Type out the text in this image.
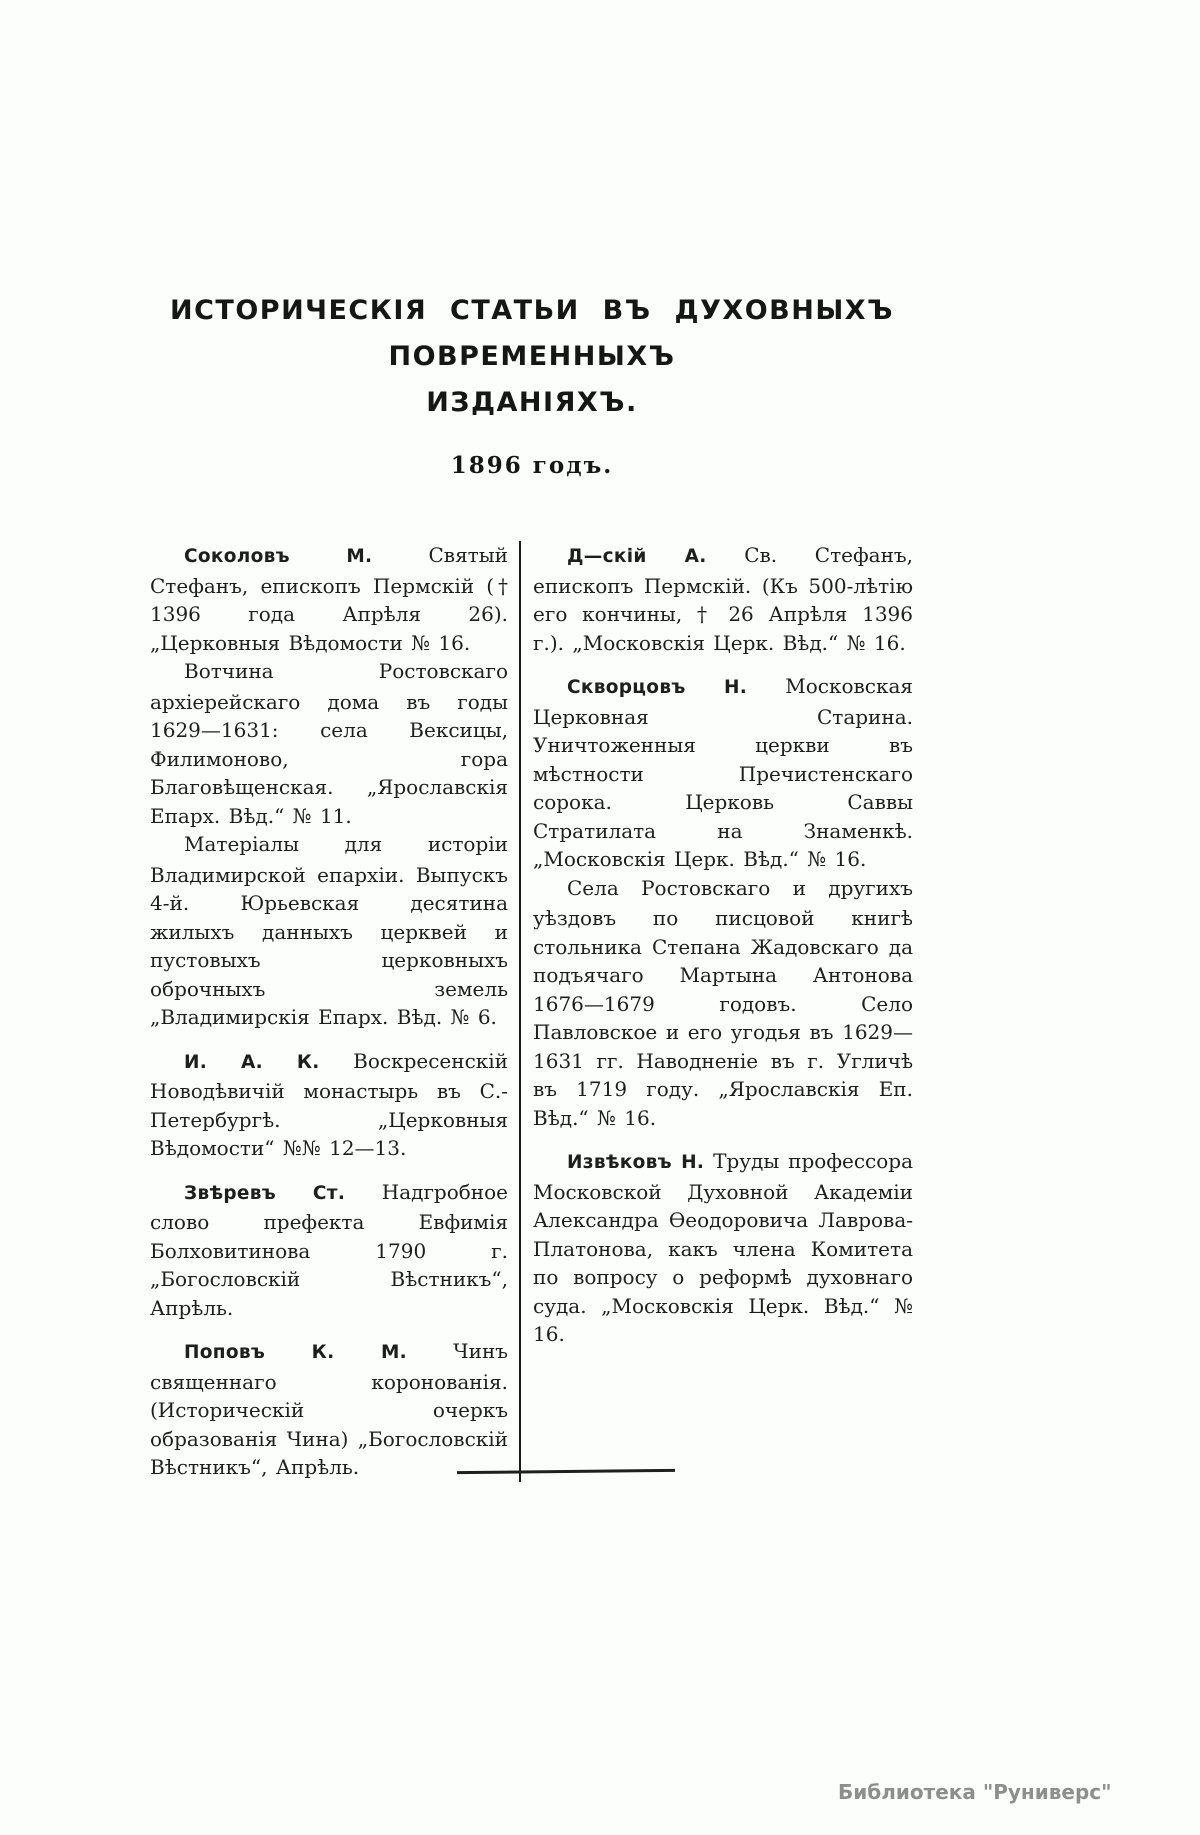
ИСТОРИЧЕСКІЯ СТАТЬИ ВЪ ДУХОВНЫХЪ ПОВРЕМЕННЫХЪ
ИЗДАНІЯХЪ.
1896 годъ.

Соколовъ М.	Святый Стефанъ, епископъ Пермскій († 1396 года Апрѣля 26). „Церковныя Вѣдомости № 16.

Вотчина Ростовскаго архіерейскаго дома въ годы 1629—1631: села Вексицы, Филимоново, гора Благовѣщенская. „Ярославскія Епарх. Вѣд.“ № 11.

Матеріалы для исторіи Владимирской епархіи. Выпускъ 4-й. Юрьевская десятина жилыхъ данныхъ церквей и пустовыхъ церковныхъ оброчныхъ земель „Владимирскія Епарх. Вѣд. № 6.

И. А. К. Воскресенскій Новодѣвичій монастырь въ С.-Петербургѣ. „Церковныя Вѣдомости“ №№ 12—13.

Звѣревъ Ст. Надгробное слово префекта Евфимія Болховитинова 1790 г. „Богословскій Вѣстникъ“, Апрѣль.

Поповъ К. М. Чинъ священнаго коронованія. (Историческій очеркъ образованія Чина) „Богословскій Вѣстникъ“, Апрѣль.

Д—скій А. Св. Стефанъ, епископъ Пермскій. (Къ 500-лѣтію его кончины, † 26 Апрѣля 1396 г.). „Московскія Церк. Вѣд.“ № 16.

Скворцовъ Н. Московская Церковная Старина. Уничтоженныя церкви въ мѣстности Пречистенскаго сорока. Церковь Саввы Стратилата на Знаменкѣ. „Московскія Церк. Вѣд.“ № 16.

Села Ростовскаго и другихъ уѣздовъ по писцовой книгѣ стольника Степана Жадовскаго да подъячаго Мартына Антонова 1676—1679 годовъ. Село Павловское и его угодья въ 1629—1631 гг. Наводненіе въ г. Угличѣ въ 1719 году. „Ярославскія Еп. Вѣд.“ № 16.

Извѣковъ Н. Труды профессора Московской Духовной Академіи Александра Ѳеодоровича Лаврова-Платонова, какъ члена Комитета по вопросу о реформѣ духовнаго суда. „Московскія Церк. Вѣд.“ № 16.

Библиотека "Руниверс"
